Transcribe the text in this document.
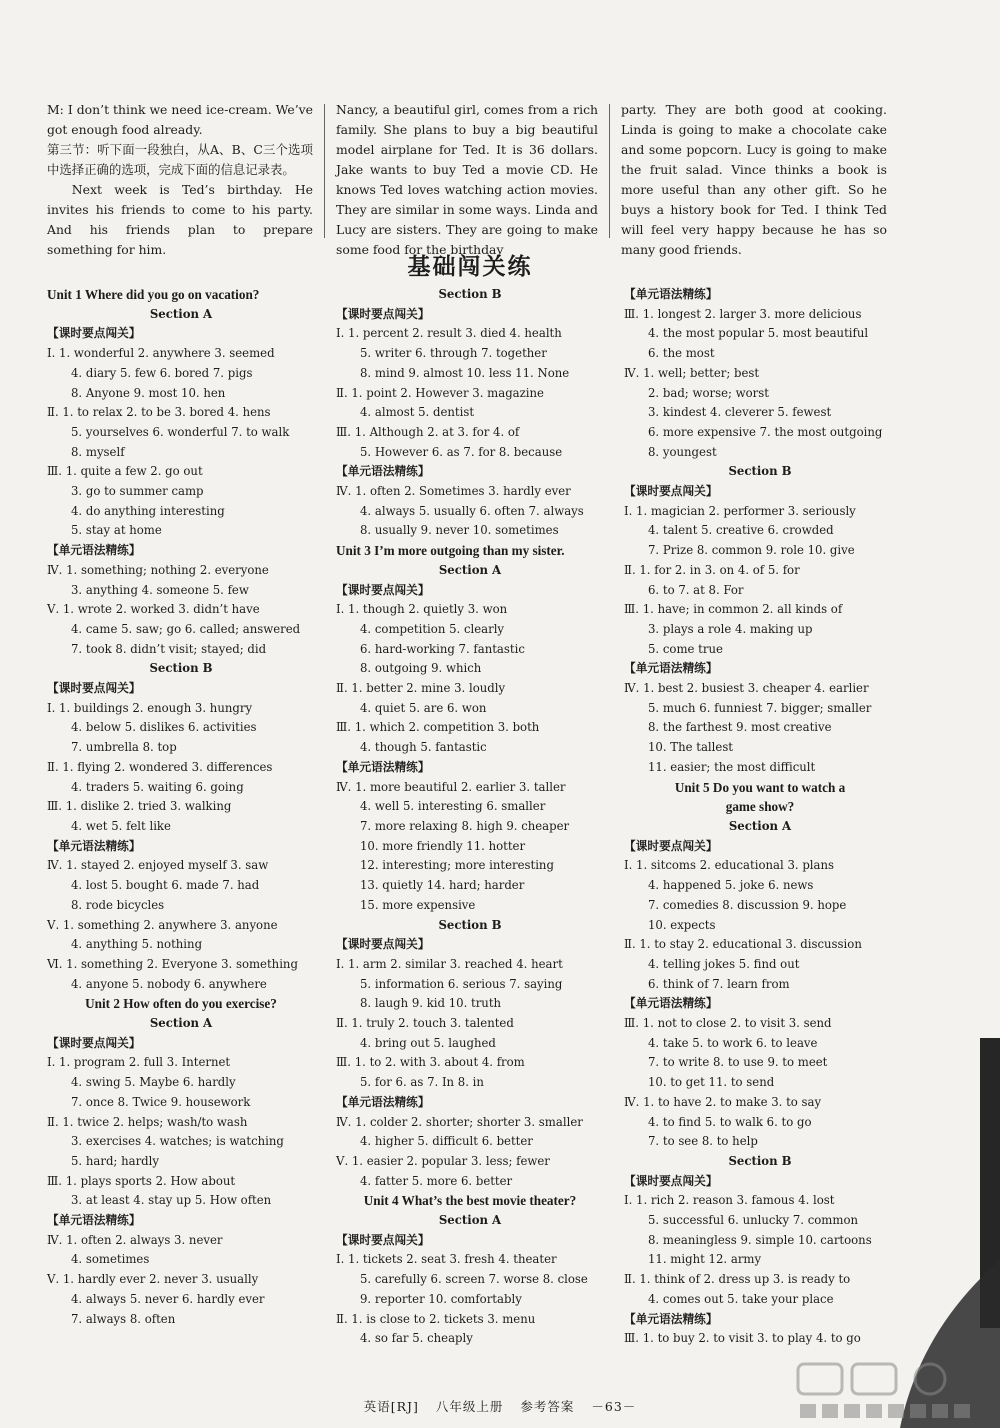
M: I don’t think we need ice-cream. We’ve got enough food already.

第三节：听下面一段独白，从A、B、C三个选项中选择正确的选项，完成下面的信息记录表。

Next week is Ted’s birthday. He invites his friends to come to his party. And his friends plan to prepare something for him.

Nancy, a beautiful girl, comes from a rich family. She plans to buy a big beautiful model airplane for Ted. It is 36 dollars. Jake wants to buy Ted a movie CD. He knows Ted loves watching action movies. They are similar in some ways. Linda and Lucy are sisters. They are going to make some food for the birthday

party. They are both good at cooking. Linda is going to make a chocolate cake and some popcorn. Lucy is going to make the fruit salad. Vince thinks a book is more useful than any other gift. So he buys a history book for Ted. I think Ted will feel very happy because he has so many good friends.

基础闯关练
Unit 1 Where did you go on vacation?
Section A
【课时要点闯关】
Ⅰ. 1. wonderful 2. anywhere 3. seemed
4. diary 5. few 6. bored 7. pigs
8. Anyone 9. most 10. hen
Ⅱ. 1. to relax 2. to be 3. bored 4. hens
5. yourselves 6. wonderful 7. to walk
8. myself
Ⅲ. 1. quite a few 2. go out
3. go to summer camp
4. do anything interesting
5. stay at home
【单元语法精练】
Ⅳ. 1. something; nothing 2. everyone
3. anything 4. someone 5. few
Ⅴ. 1. wrote 2. worked 3. didn’t have
4. came 5. saw; go 6. called; answered
7. took 8. didn’t visit; stayed; did
Section B
【课时要点闯关】
Ⅰ. 1. buildings 2. enough 3. hungry
4. below 5. dislikes 6. activities
7. umbrella 8. top
Ⅱ. 1. flying 2. wondered 3. differences
4. traders 5. waiting 6. going
Ⅲ. 1. dislike 2. tried 3. walking
4. wet 5. felt like
【单元语法精练】
Ⅳ. 1. stayed 2. enjoyed myself 3. saw
4. lost 5. bought 6. made 7. had
8. rode bicycles
Ⅴ. 1. something 2. anywhere 3. anyone
4. anything 5. nothing
Ⅵ. 1. something 2. Everyone 3. something
4. anyone 5. nobody 6. anywhere
Unit 2 How often do you exercise?
Section A
【课时要点闯关】
Ⅰ. 1. program 2. full 3. Internet
4. swing 5. Maybe 6. hardly
7. once 8. Twice 9. housework
Ⅱ. 1. twice 2. helps; wash/to wash
3. exercises 4. watches; is watching
5. hard; hardly
Ⅲ. 1. plays sports 2. How about
3. at least 4. stay up 5. How often
【单元语法精练】
Ⅳ. 1. often 2. always 3. never
4. sometimes
Ⅴ. 1. hardly ever 2. never 3. usually
4. always 5. never 6. hardly ever
7. always 8. often
Section B
【课时要点闯关】
Ⅰ. 1. percent 2. result 3. died 4. health
5. writer 6. through 7. together
8. mind 9. almost 10. less 11. None
Ⅱ. 1. point 2. However 3. magazine
4. almost 5. dentist
Ⅲ. 1. Although 2. at 3. for 4. of
5. However 6. as 7. for 8. because
【单元语法精练】
Ⅳ. 1. often 2. Sometimes 3. hardly ever
4. always 5. usually 6. often 7. always
8. usually 9. never 10. sometimes
Unit 3 I’m more outgoing than my sister.
Section A
【课时要点闯关】
Ⅰ. 1. though 2. quietly 3. won
4. competition 5. clearly
6. hard-working 7. fantastic
8. outgoing 9. which
Ⅱ. 1. better 2. mine 3. loudly
4. quiet 5. are 6. won
Ⅲ. 1. which 2. competition 3. both
4. though 5. fantastic
【单元语法精练】
Ⅳ. 1. more beautiful 2. earlier 3. taller
4. well 5. interesting 6. smaller
7. more relaxing 8. high 9. cheaper
10. more friendly 11. hotter
12. interesting; more interesting
13. quietly 14. hard; harder
15. more expensive
Section B
【课时要点闯关】
Ⅰ. 1. arm 2. similar 3. reached 4. heart
5. information 6. serious 7. saying
8. laugh 9. kid 10. truth
Ⅱ. 1. truly 2. touch 3. talented
4. bring out 5. laughed
Ⅲ. 1. to 2. with 3. about 4. from
5. for 6. as 7. In 8. in
【单元语法精练】
Ⅳ. 1. colder 2. shorter; shorter 3. smaller
4. higher 5. difficult 6. better
Ⅴ. 1. easier 2. popular 3. less; fewer
4. fatter 5. more 6. better
Unit 4 What’s the best movie theater?
Section A
【课时要点闯关】
Ⅰ. 1. tickets 2. seat 3. fresh 4. theater
5. carefully 6. screen 7. worse 8. close
9. reporter 10. comfortably
Ⅱ. 1. is close to 2. tickets 3. menu
4. so far 5. cheaply
【单元语法精练】
Ⅲ. 1. longest 2. larger 3. more delicious
4. the most popular 5. most beautiful
6. the most
Ⅳ. 1. well; better; best
2. bad; worse; worst
3. kindest 4. cleverer 5. fewest
6. more expensive 7. the most outgoing
8. youngest
Section B
【课时要点闯关】
Ⅰ. 1. magician 2. performer 3. seriously
4. talent 5. creative 6. crowded
7. Prize 8. common 9. role 10. give
Ⅱ. 1. for 2. in 3. on 4. of 5. for
6. to 7. at 8. For
Ⅲ. 1. have; in common 2. all kinds of
3. plays a role 4. making up
5. come true
【单元语法精练】
Ⅳ. 1. best 2. busiest 3. cheaper 4. earlier
5. much 6. funniest 7. bigger; smaller
8. the farthest 9. most creative
10. The tallest
11. easier; the most difficult
Unit 5 Do you want to watch a
game show?
Section A
【课时要点闯关】
Ⅰ. 1. sitcoms 2. educational 3. plans
4. happened 5. joke 6. news
7. comedies 8. discussion 9. hope
10. expects
Ⅱ. 1. to stay 2. educational 3. discussion
4. telling jokes 5. find out
6. think of 7. learn from
【单元语法精练】
Ⅲ. 1. not to close 2. to visit 3. send
4. take 5. to work 6. to leave
7. to write 8. to use 9. to meet
10. to get 11. to send
Ⅳ. 1. to have 2. to make 3. to say
4. to find 5. to walk 6. to go
7. to see 8. to help
Section B
【课时要点闯关】
Ⅰ. 1. rich 2. reason 3. famous 4. lost
5. successful 6. unlucky 7. common
8. meaningless 9. simple 10. cartoons
11. might 12. army
Ⅱ. 1. think of 2. dress up 3. is ready to
4. comes out 5. take your place
【单元语法精练】
Ⅲ. 1. to buy 2. to visit 3. to play 4. to go
英语[RJ] 八年级上册 参考答案 －63－
